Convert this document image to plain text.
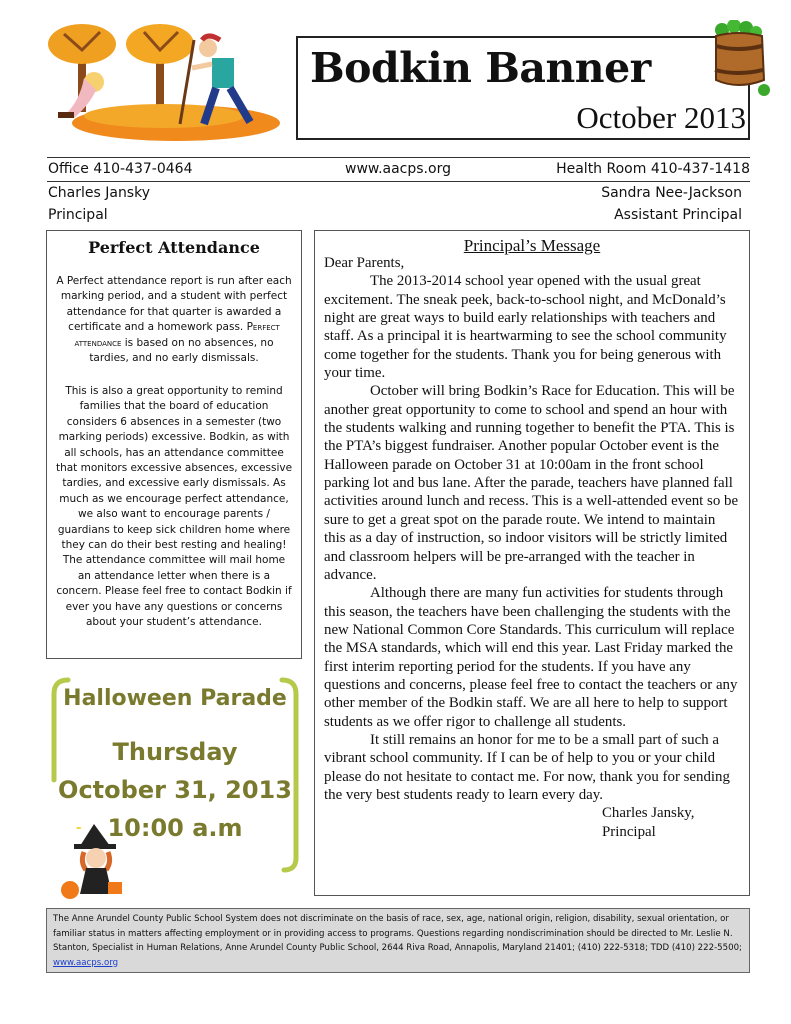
Bodkin Banner
October 2013
Office 410-437-0464	www.aacps.org	Health Room 410-437-1418
Charles Jansky	Sandra Nee-Jackson
Principal	Assistant Principal
Perfect Attendance
A Perfect attendance report is run after each marking period, and a student with perfect attendance for that quarter is awarded a certificate and a homework pass. Perfect attendance is based on no absences, no tardies, and no early dismissals.
This is also a great opportunity to remind families that the board of education considers 6 absences in a semester (two marking periods) excessive. Bodkin, as with all schools, has an attendance committee that monitors excessive absences, excessive tardies, and excessive early dismissals. As much as we encourage perfect attendance, we also want to encourage parents / guardians to keep sick children home where they can do their best resting and healing! The attendance committee will mail home an attendance letter when there is a concern. Please feel free to contact Bodkin if ever you have any questions or concerns about your student’s attendance.
Principal’s Message

Dear Parents,

The 2013-2014 school year opened with the usual great excitement. The sneak peek, back-to-school night, and McDonald’s night are great ways to build early relationships with teachers and staff. As a principal it is heartwarming to see the school community come together for the students. Thank you for being generous with your time.

October will bring Bodkin’s Race for Education. This will be another great opportunity to come to school and spend an hour with the students walking and running together to benefit the PTA. This is the PTA’s biggest fundraiser. Another popular October event is the Halloween parade on October 31 at 10:00am in the front school parking lot and bus lane. After the parade, teachers have planned fall activities around lunch and recess. This is a well-attended event so be sure to get a great spot on the parade route. We intend to maintain this as a day of instruction, so indoor visitors will be strictly limited and classroom helpers will be pre-arranged with the teacher in advance.

Although there are many fun activities for students through this season, the teachers have been challenging the students with the new National Common Core Standards. This curriculum will replace the MSA standards, which will end this year. Last Friday marked the first interim reporting period for the students. If you have any questions and concerns, please feel free to contact the teachers or any other member of the Bodkin staff. We are all here to help to support students as we offer rigor to challenge all students.

It still remains an honor for me to be a small part of such a vibrant school community. If I can be of help to you or your child please do not hesitate to contact me. For now, thank you for sending the very best students ready to learn every day.

Charles Jansky,

Principal

Halloween Parade
Thursday
October 31, 2013
10:00 a.m
The Anne Arundel County Public School System does not discriminate on the basis of race, sex, age, national origin, religion, disability, sexual orientation, or familiar status in matters affecting employment or in providing access to programs. Questions regarding nondiscrimination should be directed to Mr. Leslie N. Stanton, Specialist in Human Relations, Anne Arundel County Public School, 2644 Riva Road, Annapolis, Maryland 21401; (410) 222-5318; TDD (410) 222-5500; www.aacps.org
